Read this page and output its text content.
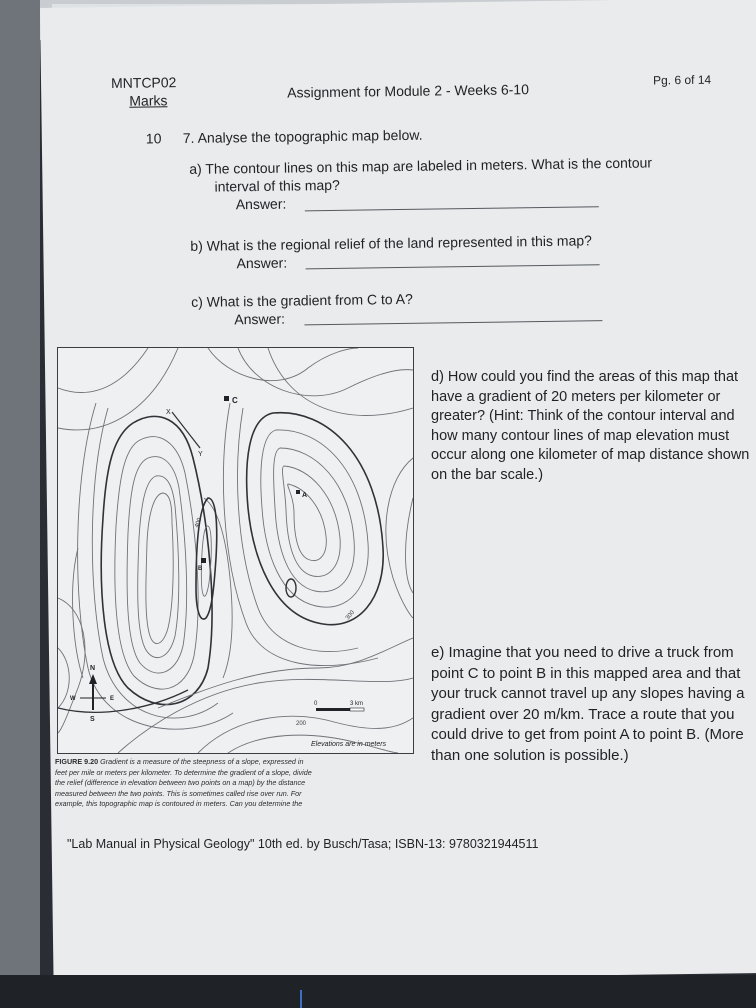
MNTCP02
Marks	Assignment for Module 2 - Weeks 6-10
Pg. 6 of 14
10 7. Analyse the topographic map below.
a) The contour lines on this map are labeled in meters. What is the contour
interval of this map?
Answer:
b) What is the regional relief of the land represented in this map?
Answer:
c) What is the gradient from C to A?
Answer:
C
A
B
X
Y
300
400
200
N
S
W	E
0	3 km
Elevations are in meters
FIGURE 9.20 Gradient is a measure of the steepness of a slope, expressed in
feet per mile or meters per kilometer. To determine the gradient of a slope, divide
the relief (difference in elevation between two points on a map) by the distance
measured between the two points. This is sometimes called rise over run. For
example, this topographic map is contoured in meters. Can you determine the
d) How could you find the areas of this map that have a gradient of 20 meters per kilometer or greater? (Hint: Think of the contour interval and how many contour lines of map elevation must occur along one kilometer of map distance shown on the bar scale.)
e) Imagine that you need to drive a truck from point C to point B in this mapped area and that your truck cannot travel up any slopes having a gradient over 20 m/km. Trace a route that you could drive to get from point A to point B. (More than one solution is possible.)
"Lab Manual in Physical Geology" 10th ed. by Busch/Tasa; ISBN-13: 9780321944511
